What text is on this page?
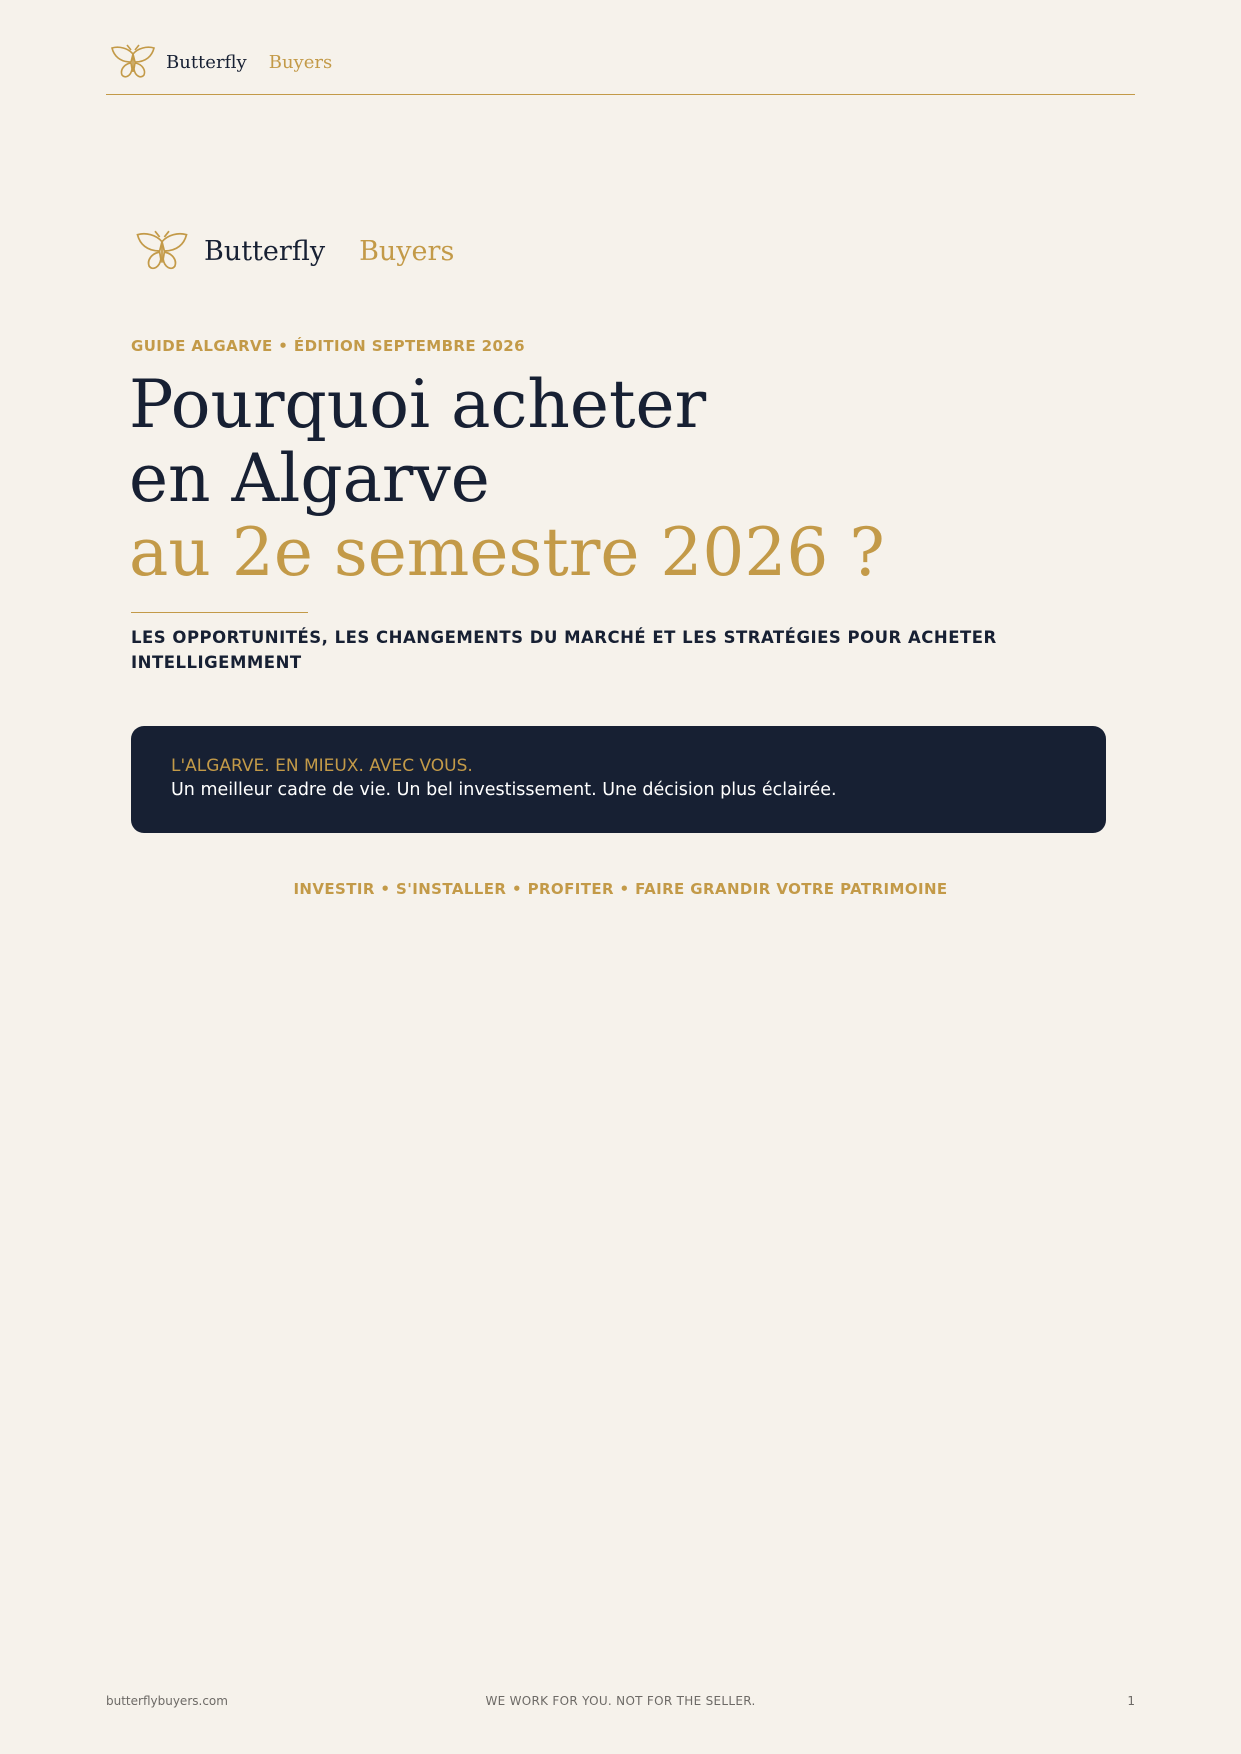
Butterfly Buyers
Butterfly Buyers
GUIDE ALGARVE • ÉDITION SEPTEMBRE 2026
Pourquoi acheter
en Algarve
au 2e semestre 2026 ?
LES OPPORTUNITÉS, LES CHANGEMENTS DU MARCHÉ ET LES STRATÉGIES POUR ACHETER INTELLIGEMMENT
L'ALGARVE. EN MIEUX. AVEC VOUS.
Un meilleur cadre de vie. Un bel investissement. Une décision plus éclairée.
INVESTIR • S'INSTALLER • PROFITER • FAIRE GRANDIR VOTRE PATRIMOINE
butterflybuyers.com	WE WORK FOR YOU. NOT FOR THE SELLER.	1
